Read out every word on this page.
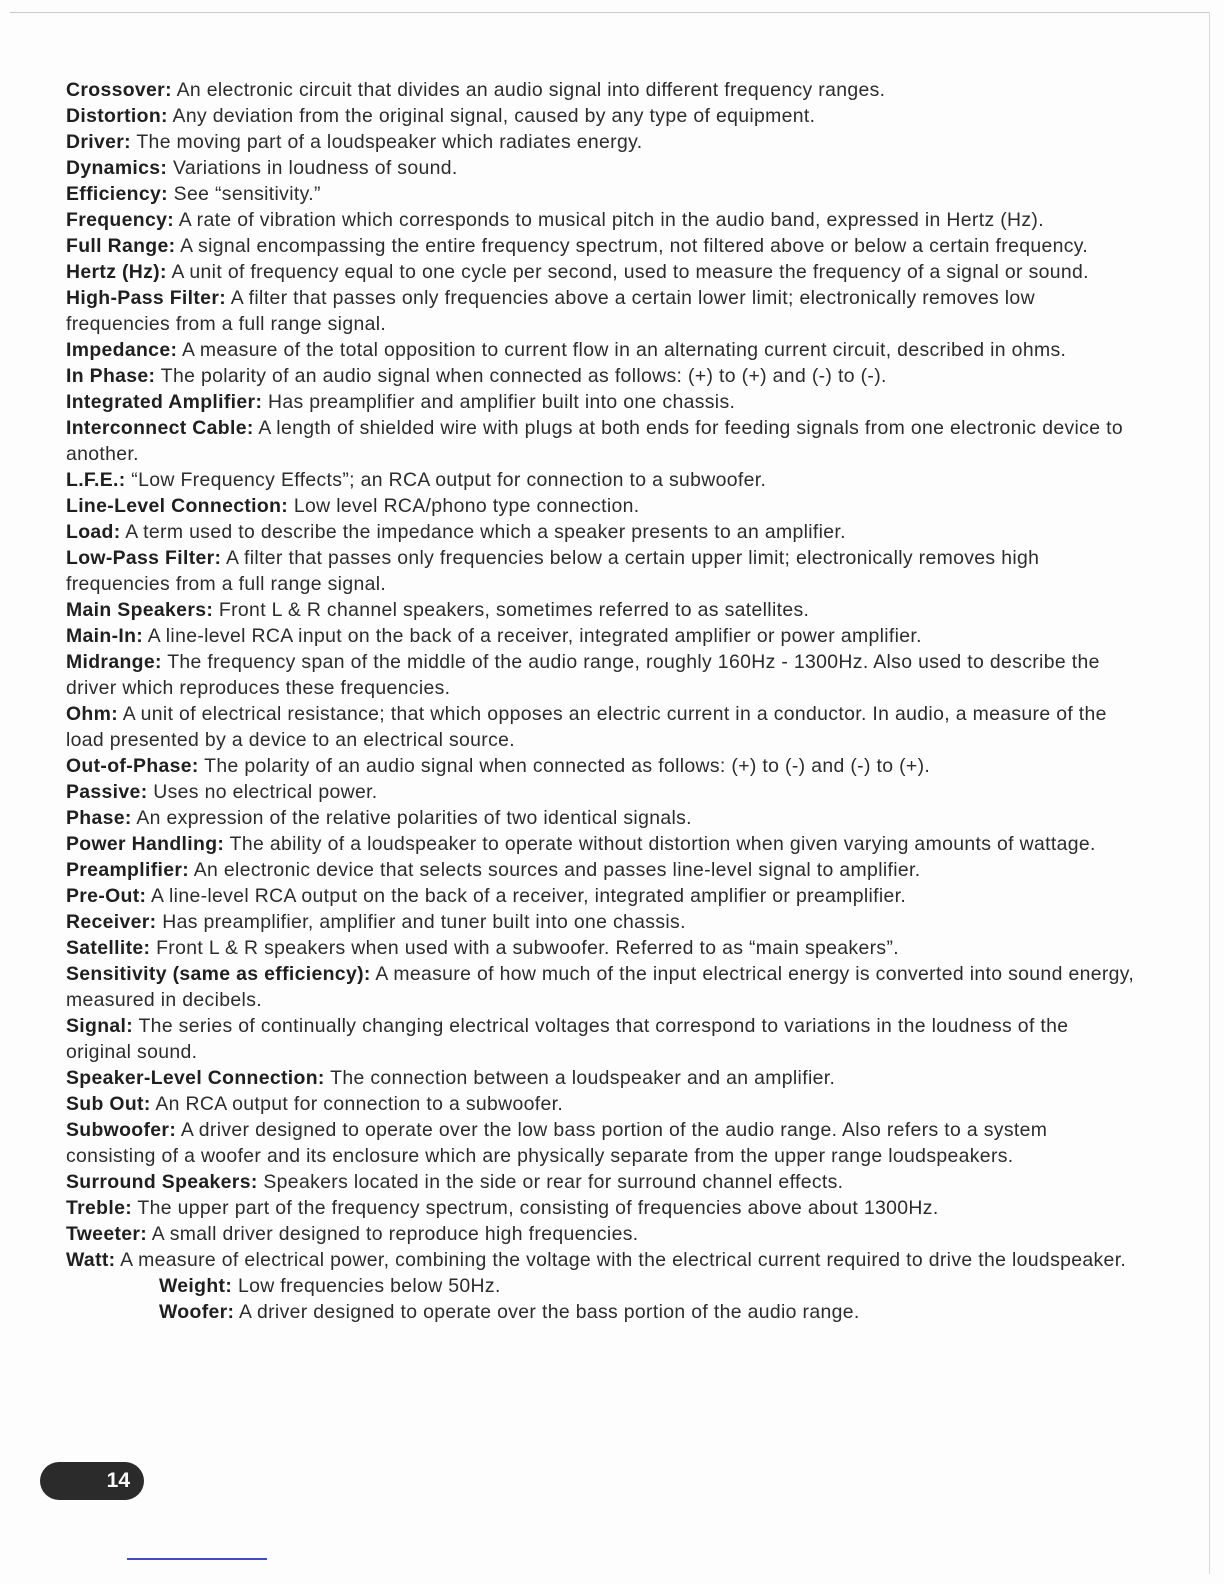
Crossover: An electronic circuit that divides an audio signal into different frequency ranges.

Distortion: Any deviation from the original signal, caused by any type of equipment.

Driver: The moving part of a loudspeaker which radiates energy.

Dynamics: Variations in loudness of sound.

Efficiency: See “sensitivity.”

Frequency: A rate of vibration which corresponds to musical pitch in the audio band, expressed in Hertz (Hz).

Full Range: A signal encompassing the entire frequency spectrum, not filtered above or below a certain frequency.

Hertz (Hz): A unit of frequency equal to one cycle per second, used to measure the frequency of a signal or sound.

High-Pass Filter: A filter that passes only frequencies above a certain lower limit; electronically removes low frequencies from a full range signal.

Impedance: A measure of the total opposition to current flow in an alternating current circuit, described in ohms.

In Phase: The polarity of an audio signal when connected as follows: (+) to (+) and (-) to (-).

Integrated Amplifier: Has preamplifier and amplifier built into one chassis.

Interconnect Cable: A length of shielded wire with plugs at both ends for feeding signals from one electronic device to another.

L.F.E.: “Low Frequency Effects”; an RCA output for connection to a subwoofer.

Line-Level Connection: Low level RCA/phono type connection.

Load: A term used to describe the impedance which a speaker presents to an amplifier.

Low-Pass Filter: A filter that passes only frequencies below a certain upper limit; electronically removes high frequencies from a full range signal.

Main Speakers: Front L & R channel speakers, sometimes referred to as satellites.

Main-In: A line-level RCA input on the back of a receiver, integrated amplifier or power amplifier.

Midrange: The frequency span of the middle of the audio range, roughly 160Hz - 1300Hz. Also used to describe the driver which reproduces these frequencies.

Ohm: A unit of electrical resistance; that which opposes an electric current in a conductor. In audio, a measure of the load presented by a device to an electrical source.

Out-of-Phase: The polarity of an audio signal when connected as follows: (+) to (-) and (-) to (+).

Passive: Uses no electrical power.

Phase: An expression of the relative polarities of two identical signals.

Power Handling: The ability of a loudspeaker to operate without distortion when given varying amounts of wattage.

Preamplifier: An electronic device that selects sources and passes line-level signal to amplifier.

Pre-Out: A line-level RCA output on the back of a receiver, integrated amplifier or preamplifier.

Receiver: Has preamplifier, amplifier and tuner built into one chassis.

Satellite: Front L & R speakers when used with a subwoofer. Referred to as “main speakers”.

Sensitivity (same as efficiency): A measure of how much of the input electrical energy is converted into sound energy, measured in decibels.

Signal: The series of continually changing electrical voltages that correspond to variations in the loudness of the original sound.

Speaker-Level Connection: The connection between a loudspeaker and an amplifier.

Sub Out: An RCA output for connection to a subwoofer.

Subwoofer: A driver designed to operate over the low bass portion of the audio range. Also refers to a system consisting of a woofer and its enclosure which are physically separate from the upper range loudspeakers.

Surround Speakers: Speakers located in the side or rear for surround channel effects.

Treble: The upper part of the frequency spectrum, consisting of frequencies above about 1300Hz.

Tweeter: A small driver designed to reproduce high frequencies.

Watt: A measure of electrical power, combining the voltage with the electrical current required to drive the loudspeaker.

Weight: Low frequencies below 50Hz.

Woofer: A driver designed to operate over the bass portion of the audio range.

14
